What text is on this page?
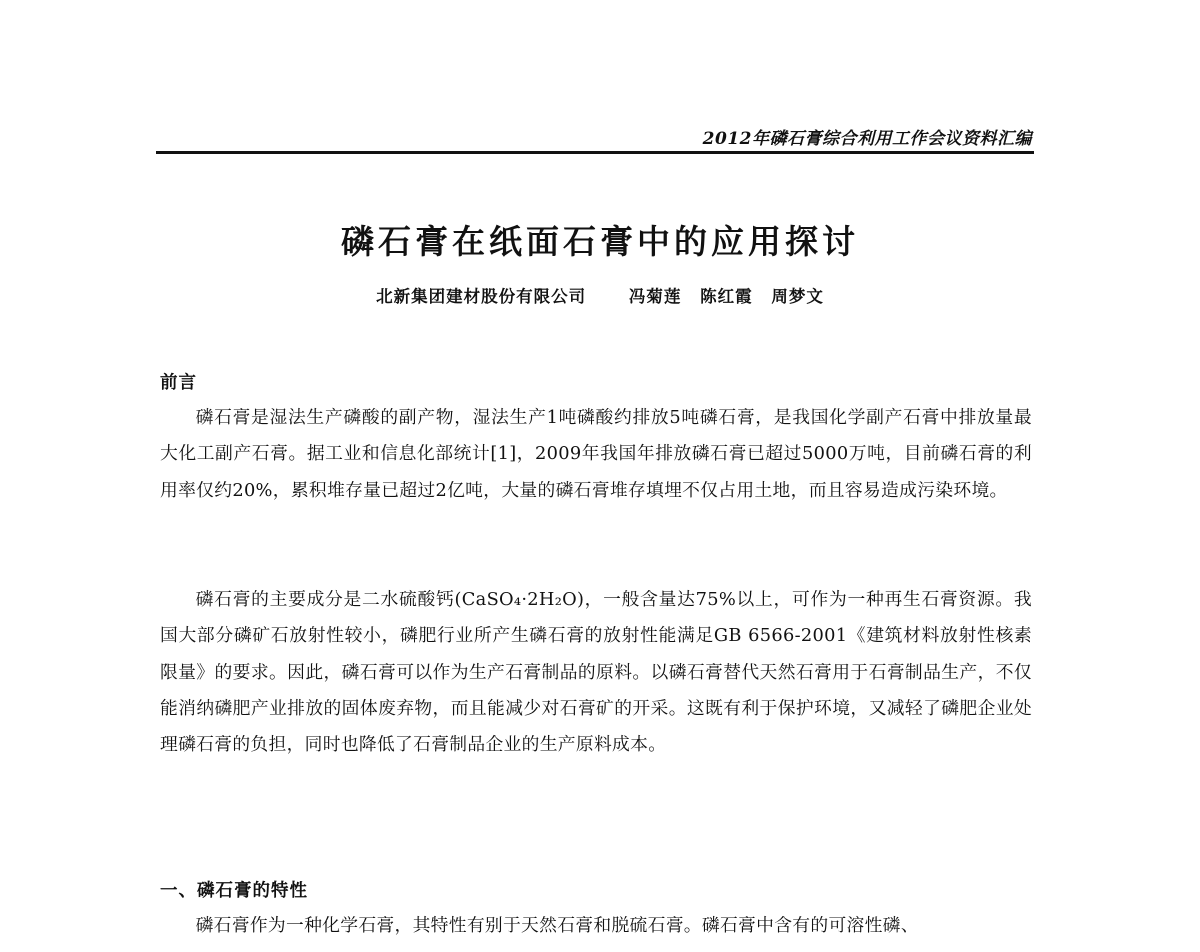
2012年磷石膏综合利用工作会议资料汇编
磷石膏在纸面石膏中的应用探讨
北新集团建材股份有限公司	冯菊莲 陈红霞 周梦文
前言
磷石膏是湿法生产磷酸的副产物，湿法生产1吨磷酸约排放5吨磷石膏，是我国化学副产石膏中排放量最大化工副产石膏。据工业和信息化部统计[1]，2009年我国年排放磷石膏已超过5000万吨，目前磷石膏的利用率仅约20%，累积堆存量已超过2亿吨，大量的磷石膏堆存填埋不仅占用土地，而且容易造成污染环境。
磷石膏的主要成分是二水硫酸钙(CaSO₄·2H₂O)，一般含量达75%以上，可作为一种再生石膏资源。我国大部分磷矿石放射性较小，磷肥行业所产生磷石膏的放射性能满足GB 6566-2001《建筑材料放射性核素限量》的要求。因此，磷石膏可以作为生产石膏制品的原料。以磷石膏替代天然石膏用于石膏制品生产，不仅能消纳磷肥产业排放的固体废弃物，而且能减少对石膏矿的开采。这既有利于保护环境，又减轻了磷肥企业处理磷石膏的负担，同时也降低了石膏制品企业的生产原料成本。
一、磷石膏的特性
磷石膏作为一种化学石膏，其特性有别于天然石膏和脱硫石膏。磷石膏中含有的可溶性磷、
